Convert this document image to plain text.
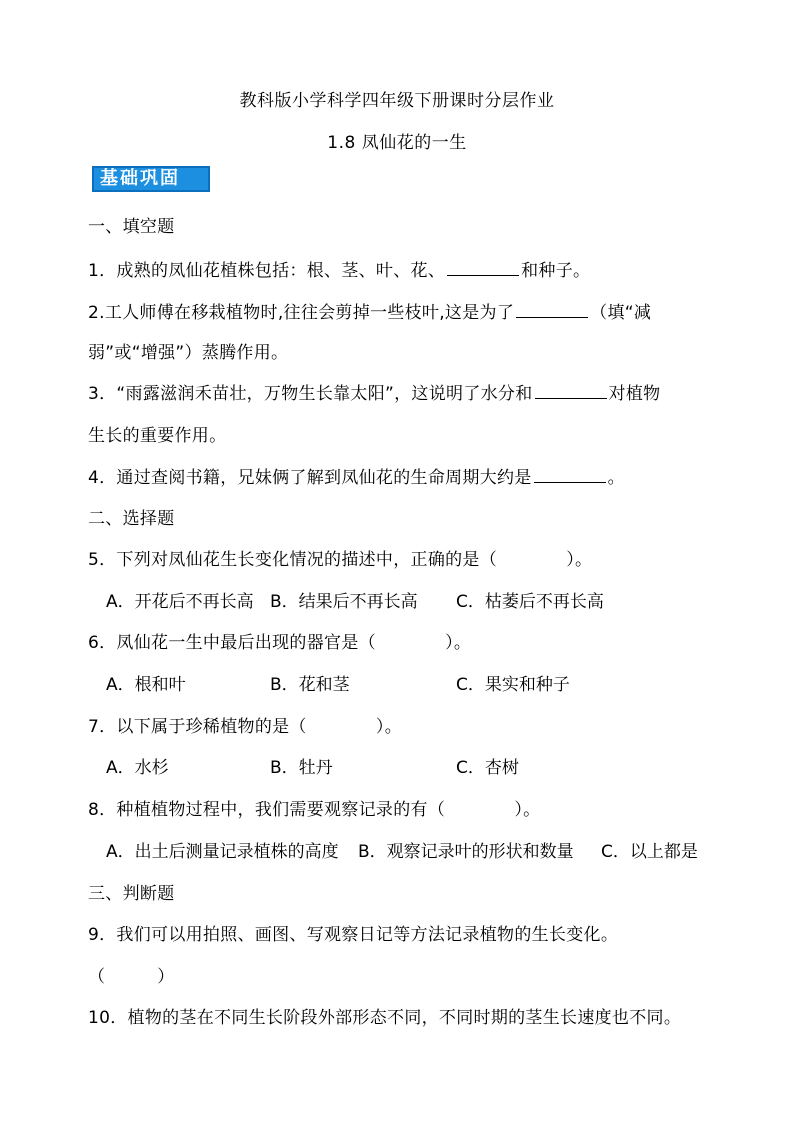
教科版小学科学四年级下册课时分层作业
1.8 凤仙花的一生
基础巩固
一、填空题
1．成熟的凤仙花植株包括：根、茎、叶、花、	和种子。
2.工人师傅在移栽植物时,往往会剪掉一些枝叶,这是为了	（填“减
弱”或“增强”）蒸腾作用。
3．“雨露滋润禾苗壮，万物生长靠太阳”，这说明了水分和	对植物
生长的重要作用。
4．通过查阅书籍，兄妹俩了解到凤仙花的生命周期大约是	。
二、选择题
5．下列对凤仙花生长变化情况的描述中，正确的是（　　　　）。
A．开花后不再长高 B．结果后不再长高 C．枯萎后不再长高
6．凤仙花一生中最后出现的器官是（　　　　）。
A．根和叶	B．花和茎	C．果实和种子
7．以下属于珍稀植物的是（　　　　）。
A．水杉	B．牡丹	C．杏树
8．种植植物过程中，我们需要观察记录的有（　　　　）。
A．出土后测量记录植株的高度 B．观察记录叶的形状和数量 C．以上都是
三、判断题
9．我们可以用拍照、画图、写观察日记等方法记录植物的生长变化。
（　　　）
10．植物的茎在不同生长阶段外部形态不同，不同时期的茎生长速度也不同。
